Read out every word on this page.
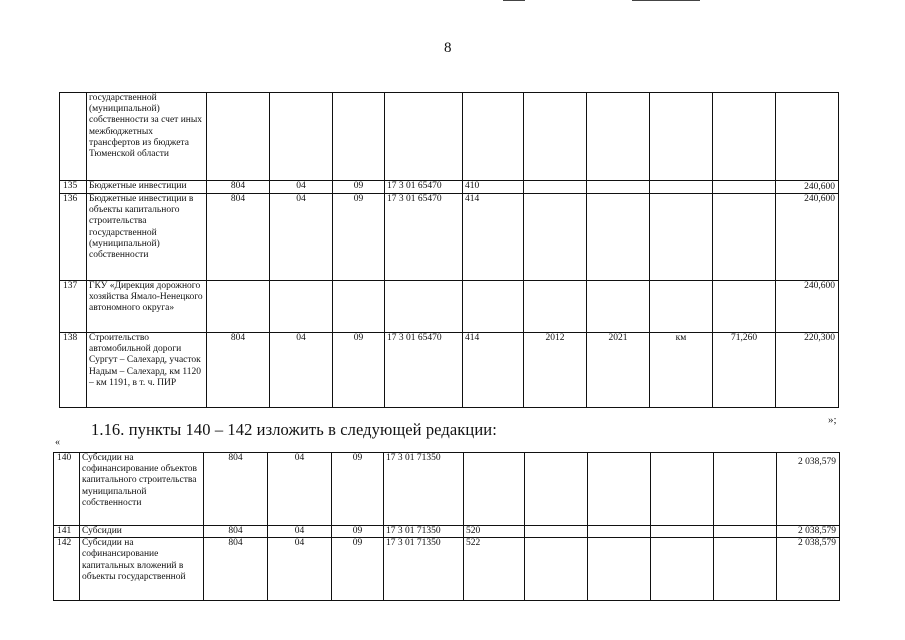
8
	государственной (муниципальной) собственности за счет иных межбюджетных трансфертов из бюджета Тюменской области										
135	Бюджетные инвестиции	804	04	09	17 3 01 65470	410					240,600
136	Бюджетные инвестиции в объекты капитального строительства государственной (муниципальной) собственности	804	04	09	17 3 01 65470	414					240,600
137	ГКУ «Дирекция дорожного хозяйства Ямало-Ненецкого автономного округа»										240,600
138	Строительство автомобильной дороги Сургут – Салехард, участок Надым – Салехард, км 1120 – км 1191, в т. ч. ПИР	804	04	09	17 3 01 65470	414	2012	2021	км	71,260	220,300
»;
1.16. пункты 140 – 142 изложить в следующей редакции:
«
140	Субсидии на софинансирование объектов капитального строительства муниципальной собственности	804	04	09	17 3 01 71350						2 038,579
141	Субсидии	804	04	09	17 3 01 71350	520					2 038,579
142	Субсидии на софинансирование капитальных вложений в объекты государственной	804	04	09	17 3 01 71350	522					2 038,579
